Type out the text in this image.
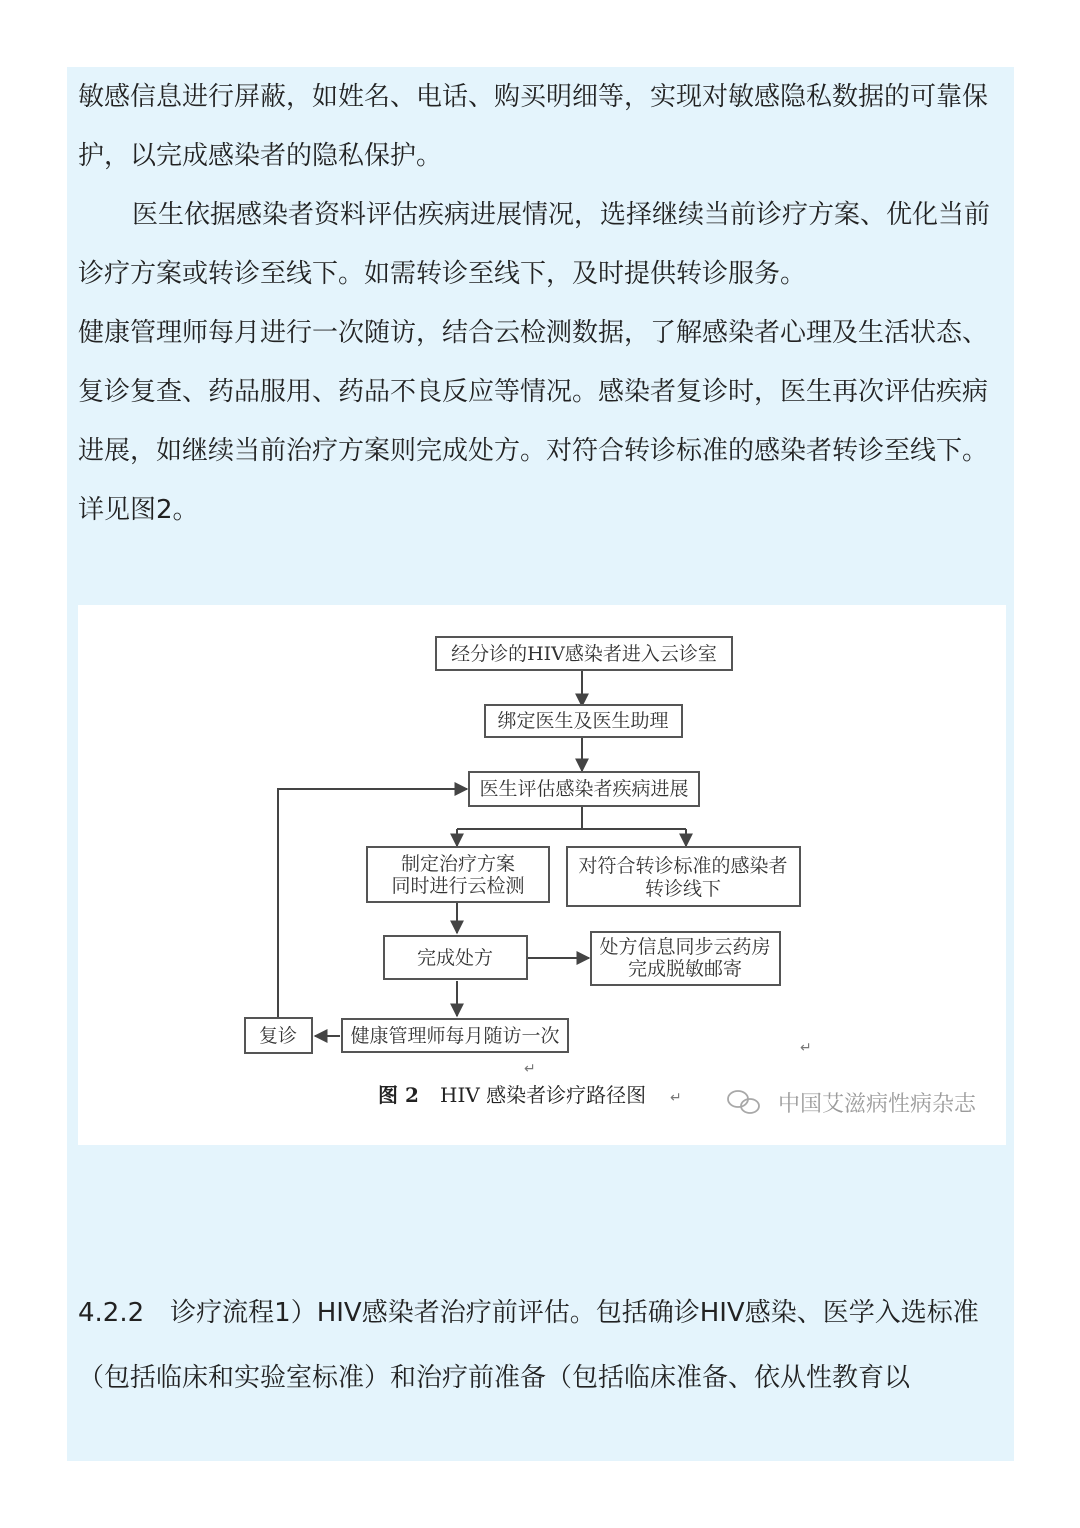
敏感信息进行屏蔽，如姓名、电话、购买明细等，实现对敏感隐私数据的可靠保护，以完成感染者的隐私保护。

医生依据感染者资料评估疾病进展情况，选择继续当前诊疗方案、优化当前诊疗方案或转诊至线下。如需转诊至线下，及时提供转诊服务。

健康管理师每月进行一次随访，结合云检测数据，了解感染者心理及生活状态、复诊复查、药品服用、药品不良反应等情况。感染者复诊时，医生再次评估疾病进展，如继续当前治疗方案则完成处方。对符合转诊标准的感染者转诊至线下。详见图2。

经分诊的HIV感染者进入云诊室
绑定医生及医生助理
医生评估感染者疾病进展
制定治疗方案
同时进行云检测
对符合转诊标准的感染者
转诊线下
完成处方	处方信息同步云药房
完成脱敏邮寄
健康管理师每月随访一次
复诊
↵
↵
图 2 HIV 感染者诊疗路径图 ↵	中国艾滋病性病杂志

4.2.2　诊疗流程1）HIV感染者治疗前评估。包括确诊HIV感染、医学入选标准（包括临床和实验室标准）和治疗前准备（包括临床准备、依从性教育以
